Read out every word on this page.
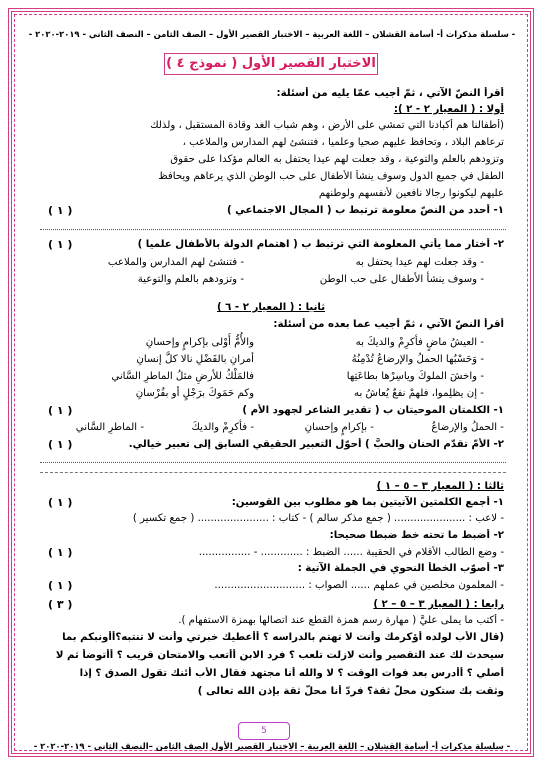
- سلسلة مذكرات أ- أسامة القشلان – اللغة العربية – الاختبار القصير الأول – الصف الثامن – النصف الثاني - ٢٠١٩-٢٠٢٠ -
الاختبار القصير الأول ( نموذج ٤ )
أقرأ النصّ الآتي ، ثمّ أجيب عمّا يليه من أسئلة:
أولا : ( المعيار ٢ - ٢ ):
(أطفالنا هم أكبادنا التي تمشي على الأرض ، وهم شباب الغد وقادة المستقبل ، ولذلك
ترعاهم البلاد ، وتحافظ عليهم صحيا وعلميا ، فتنشئ لهم المدارس والملاعب ،
وتزودهم بالعلم والتوعية ، وقد جعلت لهم عيدا يحتفل به العالم مؤكدا على حقوق
الطفل في جميع الدول وسوف ينشأ الأطفال على حب الوطن الذي يرعاهم ويحافظ
عليهم ليكونوا رجالا نافعين لأنفسهم ولوطنهم
١- أحدد من النصّ معلومة ترتبط ب ( المجال الاجتماعي )
( ١ )
٢- أختار مما يأتي المعلومة التي ترتبط ب ( اهتمام الدولة بالأطفال علميا )
( ١ )
- وقد جعلت لهم عيدا يحتفل به
- فتنشئ لهم المدارس والملاعب
- وسوف ينشأ الأطفال على حب الوطن
- وتزودهم بالعلم والتوعية
ثانيا : ( المعيار ٢ - ٦ )
أقرأ النصّ الآتي ، ثمّ أجيب عما بعده من أسئلة:
- العيشُ ماضٍ فأكرِمْ والديكَ به
والأُمُّ أَوْلى بإكرامٍ وإحسانِ
- وَحَسْبُها الحملُ والإرضاعُ تُدْمِنُهُ
أمرانِ بالفَضْلِ نالا كلَّ إنسانِ
- واخشَ الملوكَ وياسِرْها بطاعَتِها
فالمَلْكُ للأرضِ مثلُ الماطرِ السَّاني
- إن يظلِموا، فلهمْ نفعٌ يُعاشُ به
وكم حَمَوكَ برَجْلٍ أو بفُرْسانِ
١- الكلمتان الموحيتان ب ( تقدير الشاعر لجهود الأم )
( ١ )
- الحملُ والإرضاعُ
- بإكرامٍ وإحسانِ
- فأكرِمْ والديكَ
- الماطرِ السَّاني
٢- الأمّ تقدّم الحنان والحبَّ ) أحوّل التعبير الحقيقي السابق إلى تعبير خيالي.
( ١ )
ثالثا : ( المعيار ٣ – ٥ – ١ )
١- أجمع الكلمتين الآتيتين بما هو مطلوب بين القوسين:
( ١ )
- لاعب : ...................... ( جمع مذكر سالم ) - كتاب : ...................... ( جمع تكسير )
٢- أضبط ما تحته خط ضبطا صحيحا:
- وضع الطالب الأقلام في الحقيبة ...... الضبط : ............. - ................
( ١ )
٣- أصوّب الخطأ النحوي في الجملة الآتية :
- المعلمون مخلصين في عملهم ...... الصواب : ............................
( ١ )
رابعا : ( المعيار ٣ – ٥ – ٢ )
( ٣ )
- أكتب ما يملى عليَّ ( مهارة رسم همزة القطع عند اتصالها بهمزة الاستفهام ).
(قال الأب لولده أؤكرمك وأنت لا تهتم بالدراسه ؟ أأعطيك خبرتي وأنت لا تنتبه؟أأونبكم بما
سيحدث لك عند التقصير وأنت لازلت تلعب ؟ فرد الابن أأتعب والامتحان قريب ؟ أأتوضأ ثم لا
أصلي ؟ أأدرس بعد فوات الوقت ؟ لا والله أنا مجتهد فقال الأب أئنك تقول الصدق ؟ إذا
وثقت بك ستكون محلّ ثقة؟ فردّ أنا محلّ ثقة بإذن الله تعالى )
5
- سلسلة مذكرات أ- أسامة القشلان – اللغة العربية – الاختبار القصير الأول الصف الثامن –النصف الثاني - ٢٠١٩-٢٠٢٠ -
